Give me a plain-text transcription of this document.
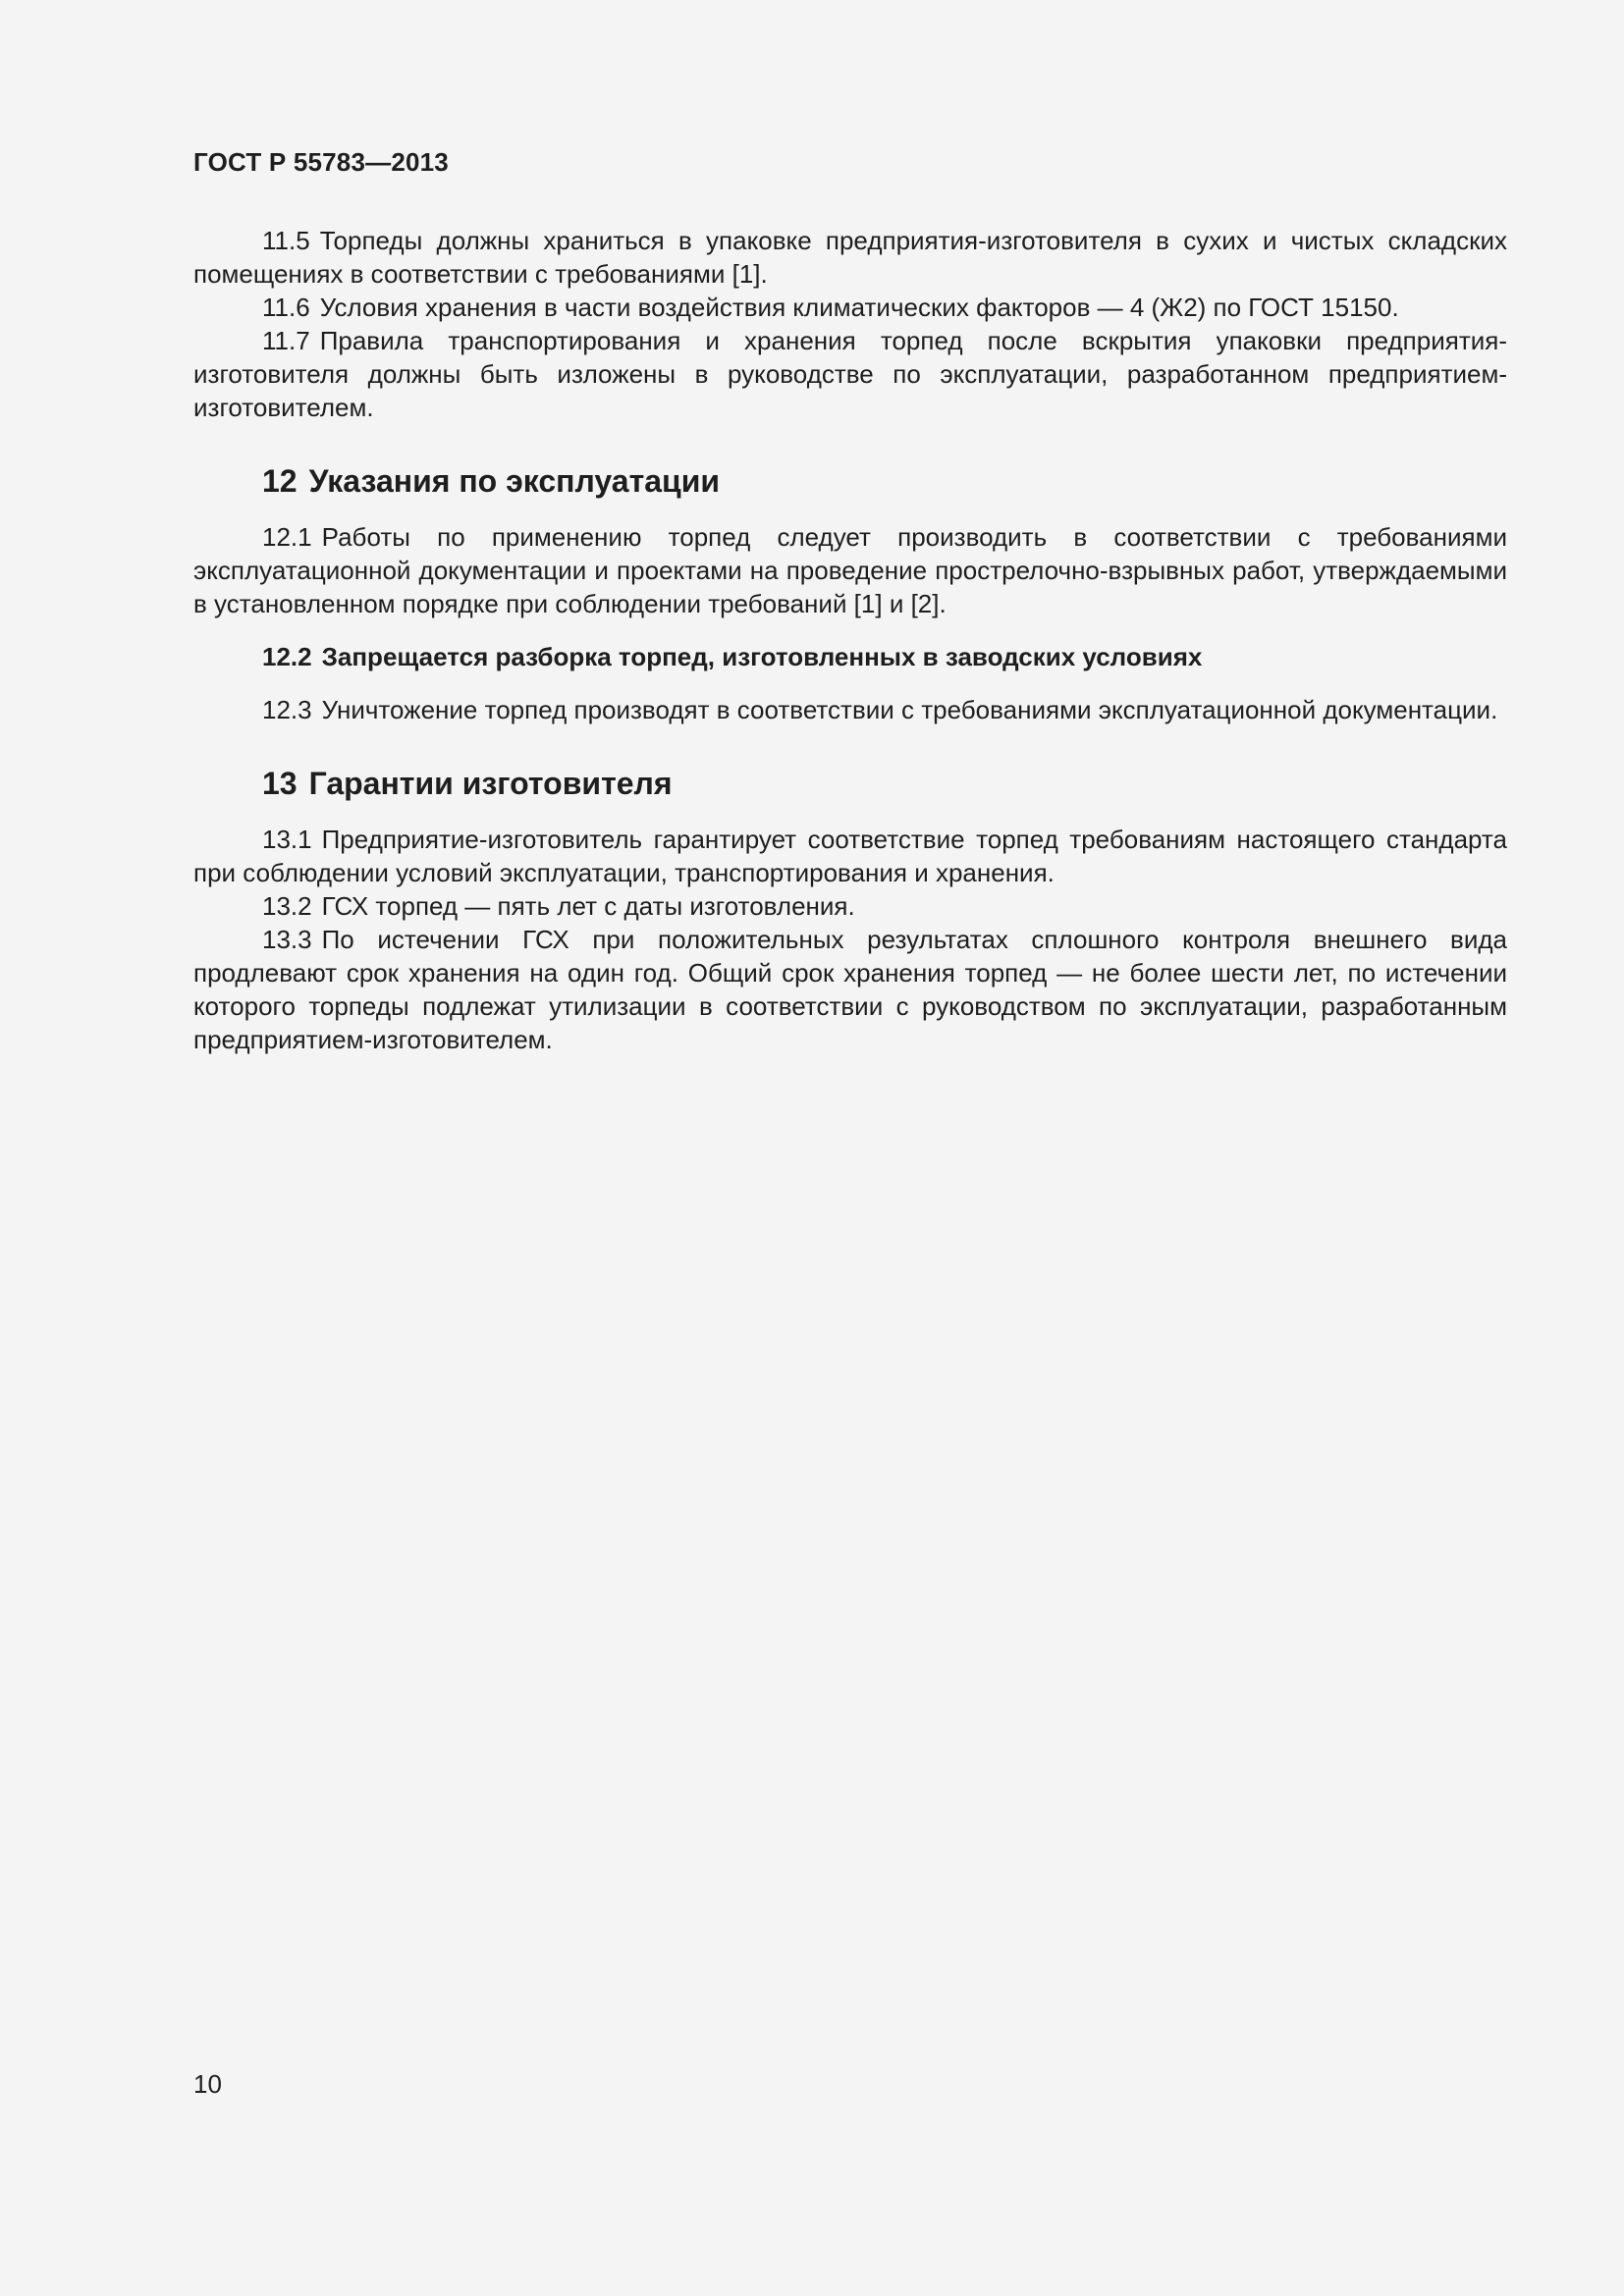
ГОСТ Р 55783—2013

11.5 Торпеды должны храниться в упаковке предприятия-изготовителя в сухих и чистых складских помещениях в соответствии с требованиями [1].

11.6 Условия хранения в части воздействия климатических факторов — 4 (Ж2) по ГОСТ 15150.

11.7 Правила транспортирования и хранения торпед после вскрытия упаковки предприятия-изготовителя должны быть изложены в руководстве по эксплуатации, разработанном предприятием-изготовителем.

12 Указания по эксплуатации

12.1 Работы по применению торпед следует производить в соответствии с требованиями эксплуатационной документации и проектами на проведение прострелочно-взрывных работ, утверждаемыми в установленном порядке при соблюдении требований [1] и [2].

12.2 Запрещается разборка торпед, изготовленных в заводских условиях

12.3 Уничтожение торпед производят в соответствии с требованиями эксплуатационной документации.

13 Гарантии изготовителя

13.1 Предприятие-изготовитель гарантирует соответствие торпед требованиям настоящего стандарта при соблюдении условий эксплуатации, транспортирования и хранения.

13.2 ГСХ торпед — пять лет с даты изготовления.

13.3 По истечении ГСХ при положительных результатах сплошного контроля внешнего вида продлевают срок хранения на один год. Общий срок хранения торпед — не более шести лет, по истечении которого торпеды подлежат утилизации в соответствии с руководством по эксплуатации, разработанным предприятием-изготовителем.

10
